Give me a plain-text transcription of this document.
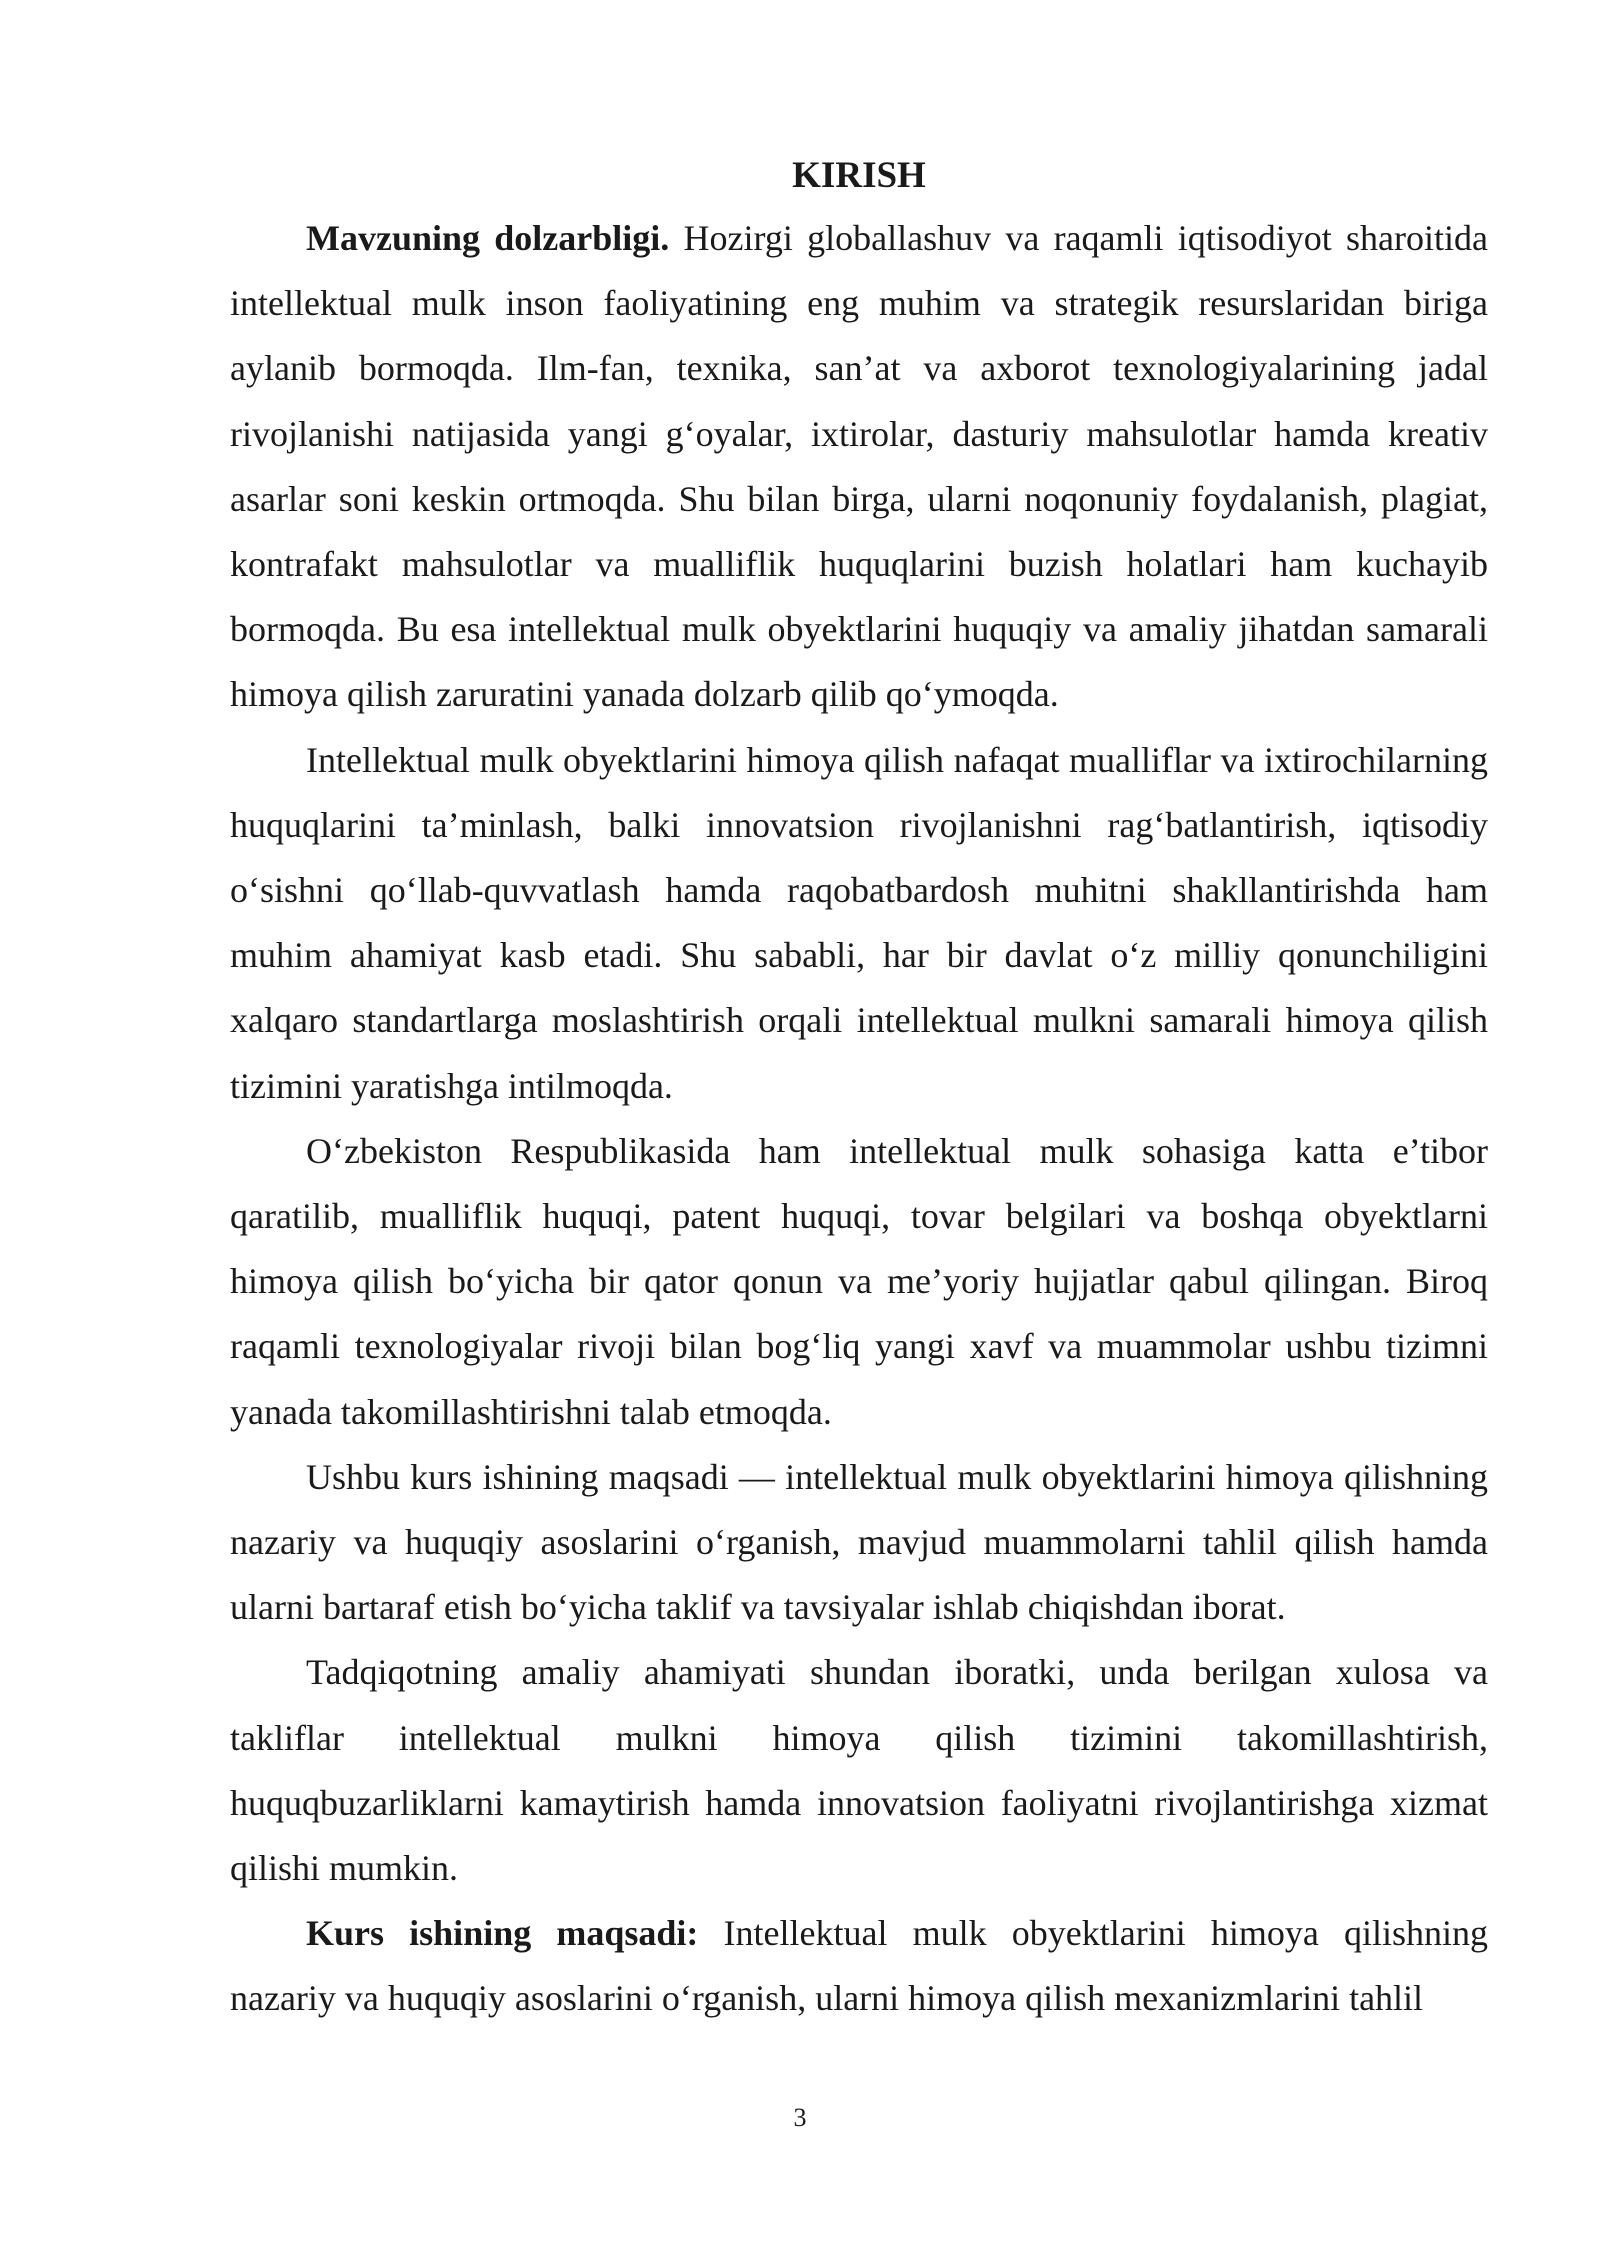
KIRISH

Mavzuning dolzarbligi. Hozirgi globallashuv va raqamli iqtisodiyot sharoitida intellektual mulk inson faoliyatining eng muhim va strategik resurslaridan biriga aylanib bormoqda. Ilm-fan, texnika, san’at va axborot texnologiyalarining jadal rivojlanishi natijasida yangi g‘oyalar, ixtirolar, dasturiy mahsulotlar hamda kreativ asarlar soni keskin ortmoqda. Shu bilan birga, ularni noqonuniy foydalanish, plagiat, kontrafakt mahsulotlar va mualliflik huquqlarini buzish holatlari ham kuchayib bormoqda. Bu esa intellektual mulk obyektlarini huquqiy va amaliy jihatdan samarali himoya qilish zaruratini yanada dolzarb qilib qo‘ymoqda.

Intellektual mulk obyektlarini himoya qilish nafaqat mualliflar va ixtirochilarning huquqlarini ta’minlash, balki innovatsion rivojlanishni rag‘batlantirish, iqtisodiy o‘sishni qo‘llab-quvvatlash hamda raqobatbardosh muhitni shakllantirishda ham muhim ahamiyat kasb etadi. Shu sababli, har bir davlat o‘z milliy qonunchiligini xalqaro standartlarga moslashtirish orqali intellektual mulkni samarali himoya qilish tizimini yaratishga intilmoqda.

O‘zbekiston Respublikasida ham intellektual mulk sohasiga katta e’tibor qaratilib, mualliflik huquqi, patent huquqi, tovar belgilari va boshqa obyektlarni himoya qilish bo‘yicha bir qator qonun va me’yoriy hujjatlar qabul qilingan. Biroq raqamli texnologiyalar rivoji bilan bog‘liq yangi xavf va muammolar ushbu tizimni yanada takomillashtirishni talab etmoqda.

Ushbu kurs ishining maqsadi — intellektual mulk obyektlarini himoya qilishning nazariy va huquqiy asoslarini o‘rganish, mavjud muammolarni tahlil qilish hamda ularni bartaraf etish bo‘yicha taklif va tavsiyalar ishlab chiqishdan iborat.

Tadqiqotning amaliy ahamiyati shundan iboratki, unda berilgan xulosa va takliflar intellektual mulkni himoya qilish tizimini takomillashtirish, huquqbuzarliklarni kamaytirish hamda innovatsion faoliyatni rivojlantirishga xizmat qilishi mumkin.

Kurs ishining maqsadi: Intellektual mulk obyektlarini himoya qilishning nazariy va huquqiy asoslarini o‘rganish, ularni himoya qilish mexanizmlarini tahlil

3
